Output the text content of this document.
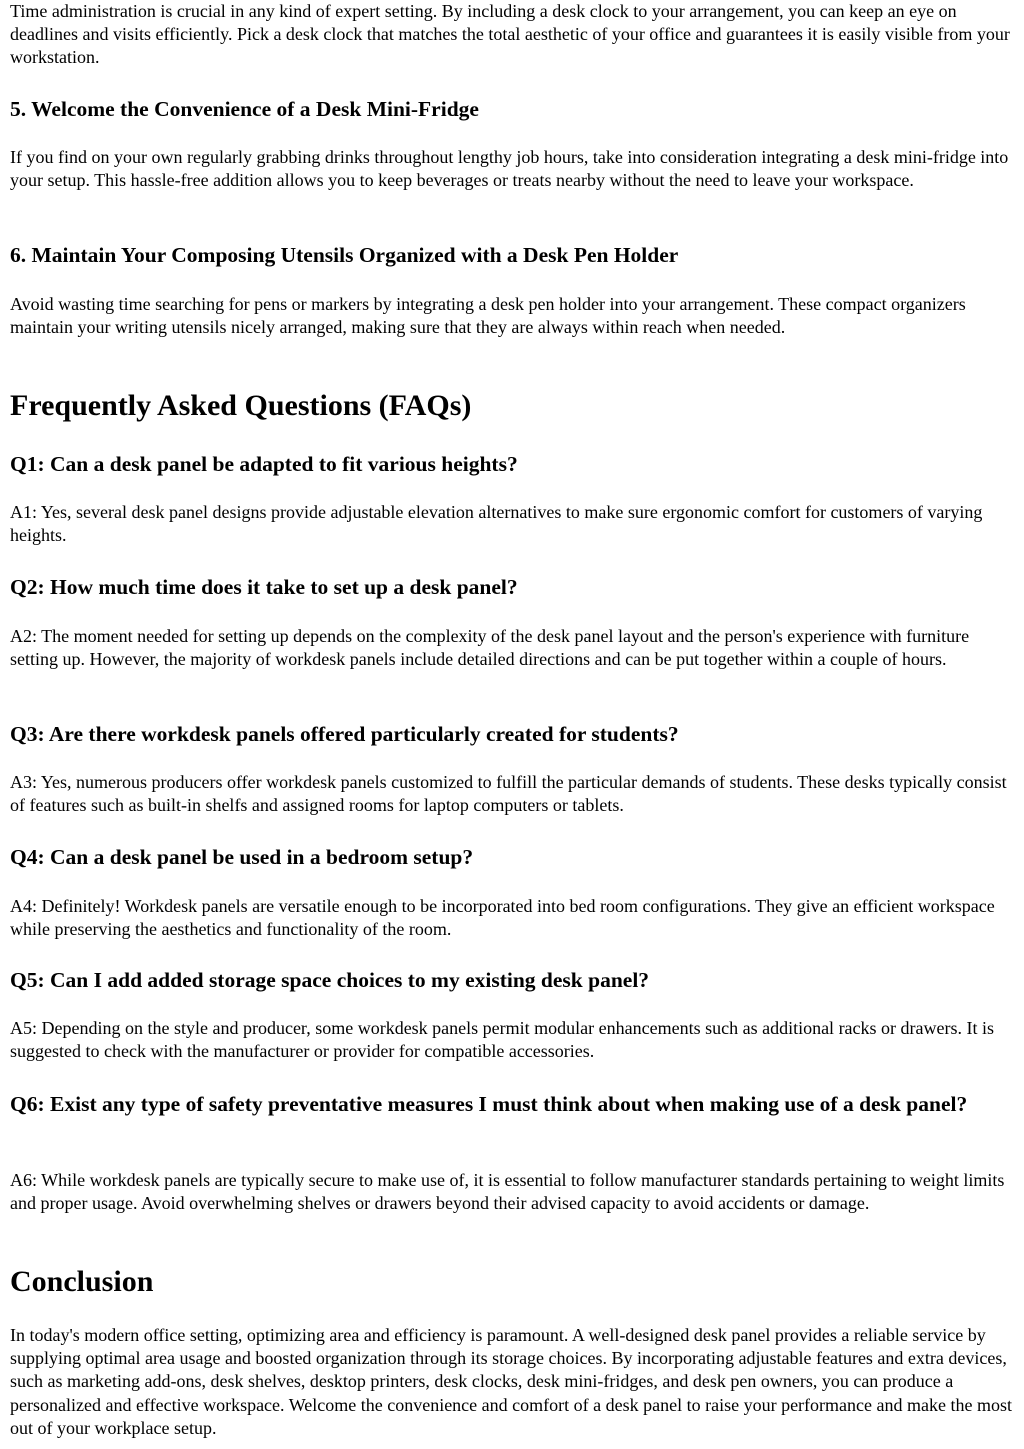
Time administration is crucial in any kind of expert setting. By including a desk clock to your arrangement, you can keep an eye on deadlines and visits efficiently. Pick a desk clock that matches the total aesthetic of your office and guarantees it is easily visible from your workstation.

5. Welcome the Convenience of a Desk Mini-Fridge

If you find on your own regularly grabbing drinks throughout lengthy job hours, take into consideration integrating a desk mini-fridge into your setup. This hassle-free addition allows you to keep beverages or treats nearby without the need to leave your workspace.

6. Maintain Your Composing Utensils Organized with a Desk Pen Holder

Avoid wasting time searching for pens or markers by integrating a desk pen holder into your arrangement. These compact organizers maintain your writing utensils nicely arranged, making sure that they are always within reach when needed.

Frequently Asked Questions (FAQs)
Q1: Can a desk panel be adapted to fit various heights?

A1: Yes, several desk panel designs provide adjustable elevation alternatives to make sure ergonomic comfort for customers of varying heights.

Q2: How much time does it take to set up a desk panel?

A2: The moment needed for setting up depends on the complexity of the desk panel layout and the person's experience with furniture setting up. However, the majority of workdesk panels include detailed directions and can be put together within a couple of hours.

Q3: Are there workdesk panels offered particularly created for students?

A3: Yes, numerous producers offer workdesk panels customized to fulfill the particular demands of students. These desks typically consist of features such as built-in shelfs and assigned rooms for laptop computers or tablets.

Q4: Can a desk panel be used in a bedroom setup?

A4: Definitely! Workdesk panels are versatile enough to be incorporated into bed room configurations. They give an efficient workspace while preserving the aesthetics and functionality of the room.

Q5: Can I add added storage space choices to my existing desk panel?

A5: Depending on the style and producer, some workdesk panels permit modular enhancements such as additional racks or drawers. It is suggested to check with the manufacturer or provider for compatible accessories.

Q6: Exist any type of safety preventative measures I must think about when making use of a desk panel?

A6: While workdesk panels are typically secure to make use of, it is essential to follow manufacturer standards pertaining to weight limits and proper usage. Avoid overwhelming shelves or drawers beyond their advised capacity to avoid accidents or damage.

Conclusion

In today's modern office setting, optimizing area and efficiency is paramount. A well-designed desk panel provides a reliable service by supplying optimal area usage and boosted organization through its storage choices. By incorporating adjustable features and extra devices, such as marketing add-ons, desk shelves, desktop printers, desk clocks, desk mini-fridges, and desk pen owners, you can produce a personalized and effective workspace. Welcome the convenience and comfort of a desk panel to raise your performance and make the most out of your workplace setup.
